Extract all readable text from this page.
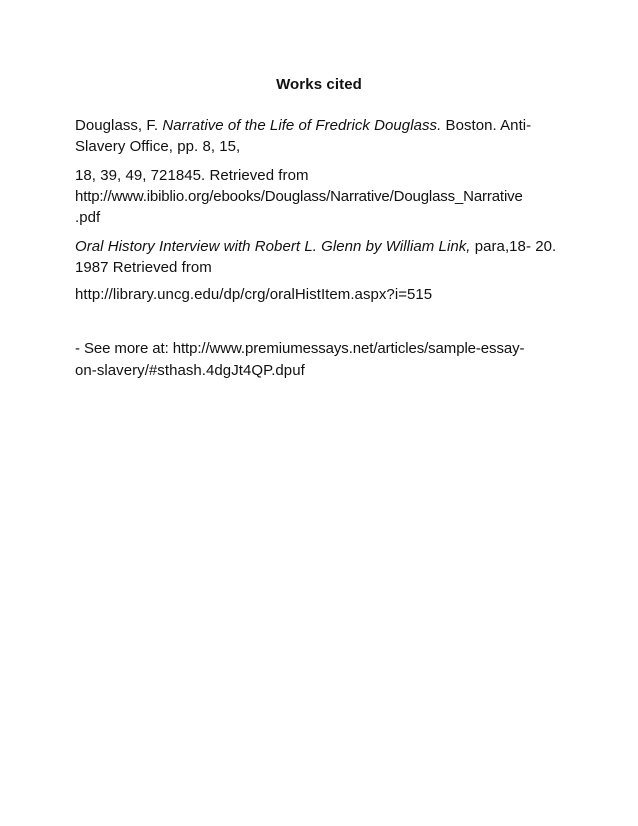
Works cited
Douglass, F. Narrative of the Life of Fredrick Douglass. Boston. Anti-
Slavery Office, pp. 8, 15,
18, 39, 49, 721845. Retrieved from
http://www.ibiblio.org/ebooks/Douglass/Narrative/Douglass_Narrative
.pdf
Oral History Interview with Robert L. Glenn by William Link, para,18- 20.
1987 Retrieved from
http://library.uncg.edu/dp/crg/oralHistItem.aspx?i=515
- See more at: http://www.premiumessays.net/articles/sample-essay-
on-slavery/#sthash.4dgJt4QP.dpuf
